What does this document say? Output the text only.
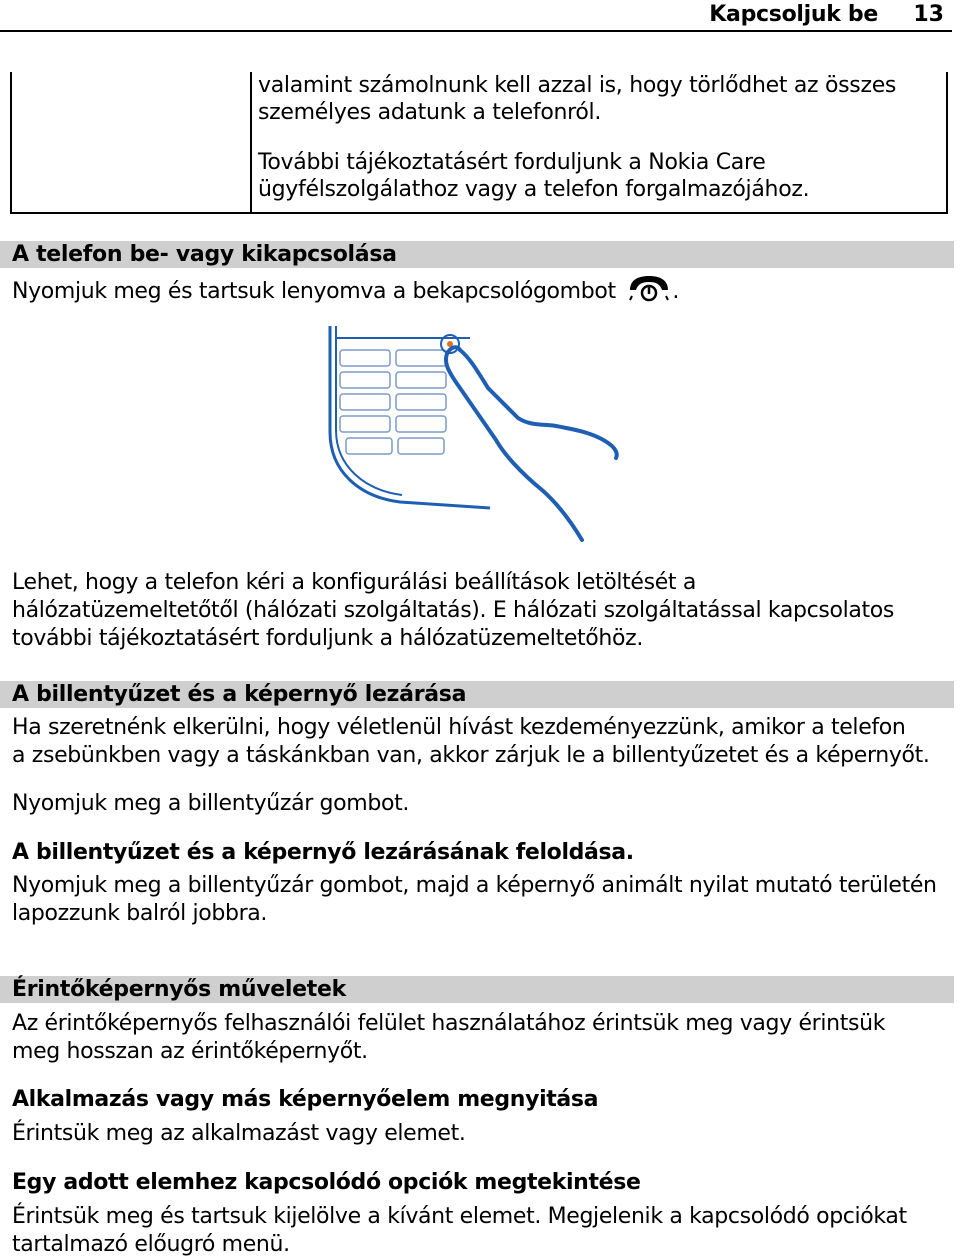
Kapcsoljuk be 13
valamint számolnunk kell azzal is, hogy törlődhet az összes
személyes adatunk a telefonról.
További tájékoztatásért forduljunk a Nokia Care
ügyfélszolgálathoz vagy a telefon forgalmazójához.
A telefon be- vagy kikapcsolása
Nyomjuk meg és tartsuk lenyomva a bekapcsológombot	.
Lehet, hogy a telefon kéri a konfigurálási beállítások letöltését a
hálózatüzemeltetőtől (hálózati szolgáltatás). E hálózati szolgáltatással kapcsolatos
további tájékoztatásért forduljunk a hálózatüzemeltetőhöz.
A billentyűzet és a képernyő lezárása
Ha szeretnénk elkerülni, hogy véletlenül hívást kezdeményezzünk, amikor a telefon
a zsebünkben vagy a táskánkban van, akkor zárjuk le a billentyűzetet és a képernyőt.
Nyomjuk meg a billentyűzár gombot.
A billentyűzet és a képernyő lezárásának feloldása.
Nyomjuk meg a billentyűzár gombot, majd a képernyő animált nyilat mutató területén
lapozzunk balról jobbra.
Érintőképernyős műveletek
Az érintőképernyős felhasználói felület használatához érintsük meg vagy érintsük
meg hosszan az érintőképernyőt.
Alkalmazás vagy más képernyőelem megnyitása
Érintsük meg az alkalmazást vagy elemet.
Egy adott elemhez kapcsolódó opciók megtekintése
Érintsük meg és tartsuk kijelölve a kívánt elemet. Megjelenik a kapcsolódó opciókat
tartalmazó előugró menü.
